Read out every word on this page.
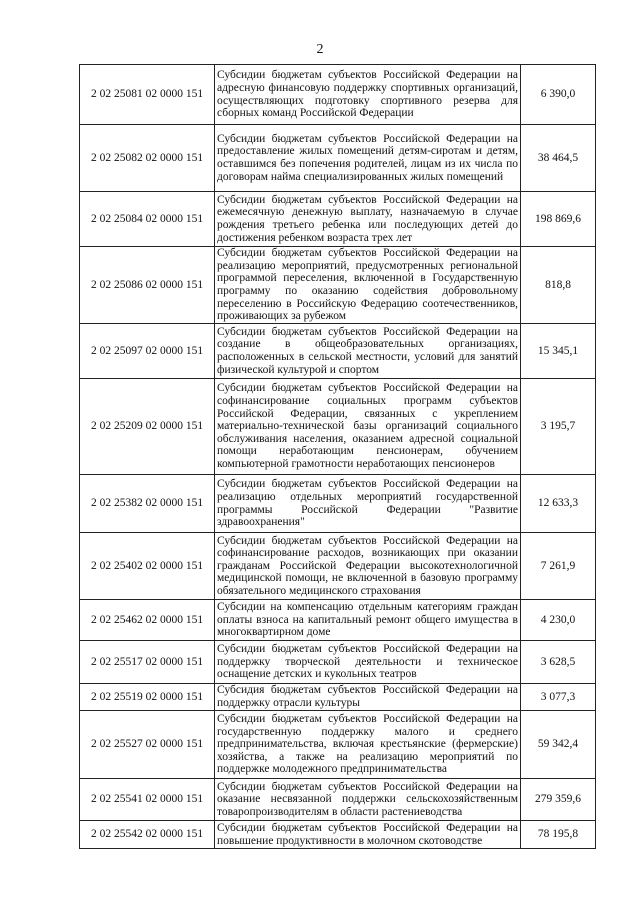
2
2 02 25081 02 0000 151	Субсидии бюджетам субъектов Российской Федерации на адресную финансовую поддержку спортивных организаций, осуществляющих подготовку спортивного резерва для сборных команд Российской Федерации	6 390,0
2 02 25082 02 0000 151	Субсидии бюджетам субъектов Российской Федерации на предоставление жилых помещений детям-сиротам и детям, оставшимся без попечения родителей, лицам из их числа по договорам найма специализированных жилых помещений	38 464,5
2 02 25084 02 0000 151	Субсидии бюджетам субъектов Российской Федерации на ежемесячную денежную выплату, назначаемую в случае рождения третьего ребенка или последующих детей до достижения ребенком возраста трех лет	198 869,6
2 02 25086 02 0000 151	Субсидии бюджетам субъектов Российской Федерации на реализацию мероприятий, предусмотренных региональной программой переселения, включенной в Государственную программу по оказанию содействия добровольному переселению в Российскую Федерацию соотечественников, проживающих за рубежом	818,8
2 02 25097 02 0000 151	Субсидии бюджетам субъектов Российской Федерации на создание в общеобразовательных организациях, расположенных в сельской местности, условий для занятий физической культурой и спортом	15 345,1
2 02 25209 02 0000 151	Субсидии бюджетам субъектов Российской Федерации на софинансирование социальных программ субъектов Российской Федерации, связанных с укреплением материально-технической базы организаций социального обслуживания населения, оказанием адресной социальной помощи неработающим пенсионерам, обучением компьютерной грамотности неработающих пенсионеров	3 195,7
2 02 25382 02 0000 151	Субсидии бюджетам субъектов Российской Федерации на реализацию отдельных мероприятий государственной программы Российской Федерации "Развитие здравоохранения"	12 633,3
2 02 25402 02 0000 151	Субсидии бюджетам субъектов Российской Федерации на софинансирование расходов, возникающих при оказании гражданам Российской Федерации высокотехнологичной медицинской помощи, не включенной в базовую программу обязательного медицинского страхования	7 261,9
2 02 25462 02 0000 151	Субсидии на компенсацию отдельным категориям граждан оплаты взноса на капитальный ремонт общего имущества в многоквартирном доме	4 230,0
2 02 25517 02 0000 151	Субсидии бюджетам субъектов Российской Федерации на поддержку творческой деятельности и техническое оснащение детских и кукольных театров	3 628,5
2 02 25519 02 0000 151	Субсидия бюджетам субъектов Российской Федерации на поддержку отрасли культуры	3 077,3
2 02 25527 02 0000 151	Субсидии бюджетам субъектов Российской Федерации на государственную поддержку малого и среднего предпринимательства, включая крестьянские (фермерские) хозяйства, а также на реализацию мероприятий по поддержке молодежного предпринимательства	59 342,4
2 02 25541 02 0000 151	Субсидии бюджетам субъектов Российской Федерации на оказание несвязанной поддержки сельскохозяйственным товаропроизводителям в области растениеводства	279 359,6
2 02 25542 02 0000 151	Субсидии бюджетам субъектов Российской Федерации на повышение продуктивности в молочном скотоводстве	78 195,8
